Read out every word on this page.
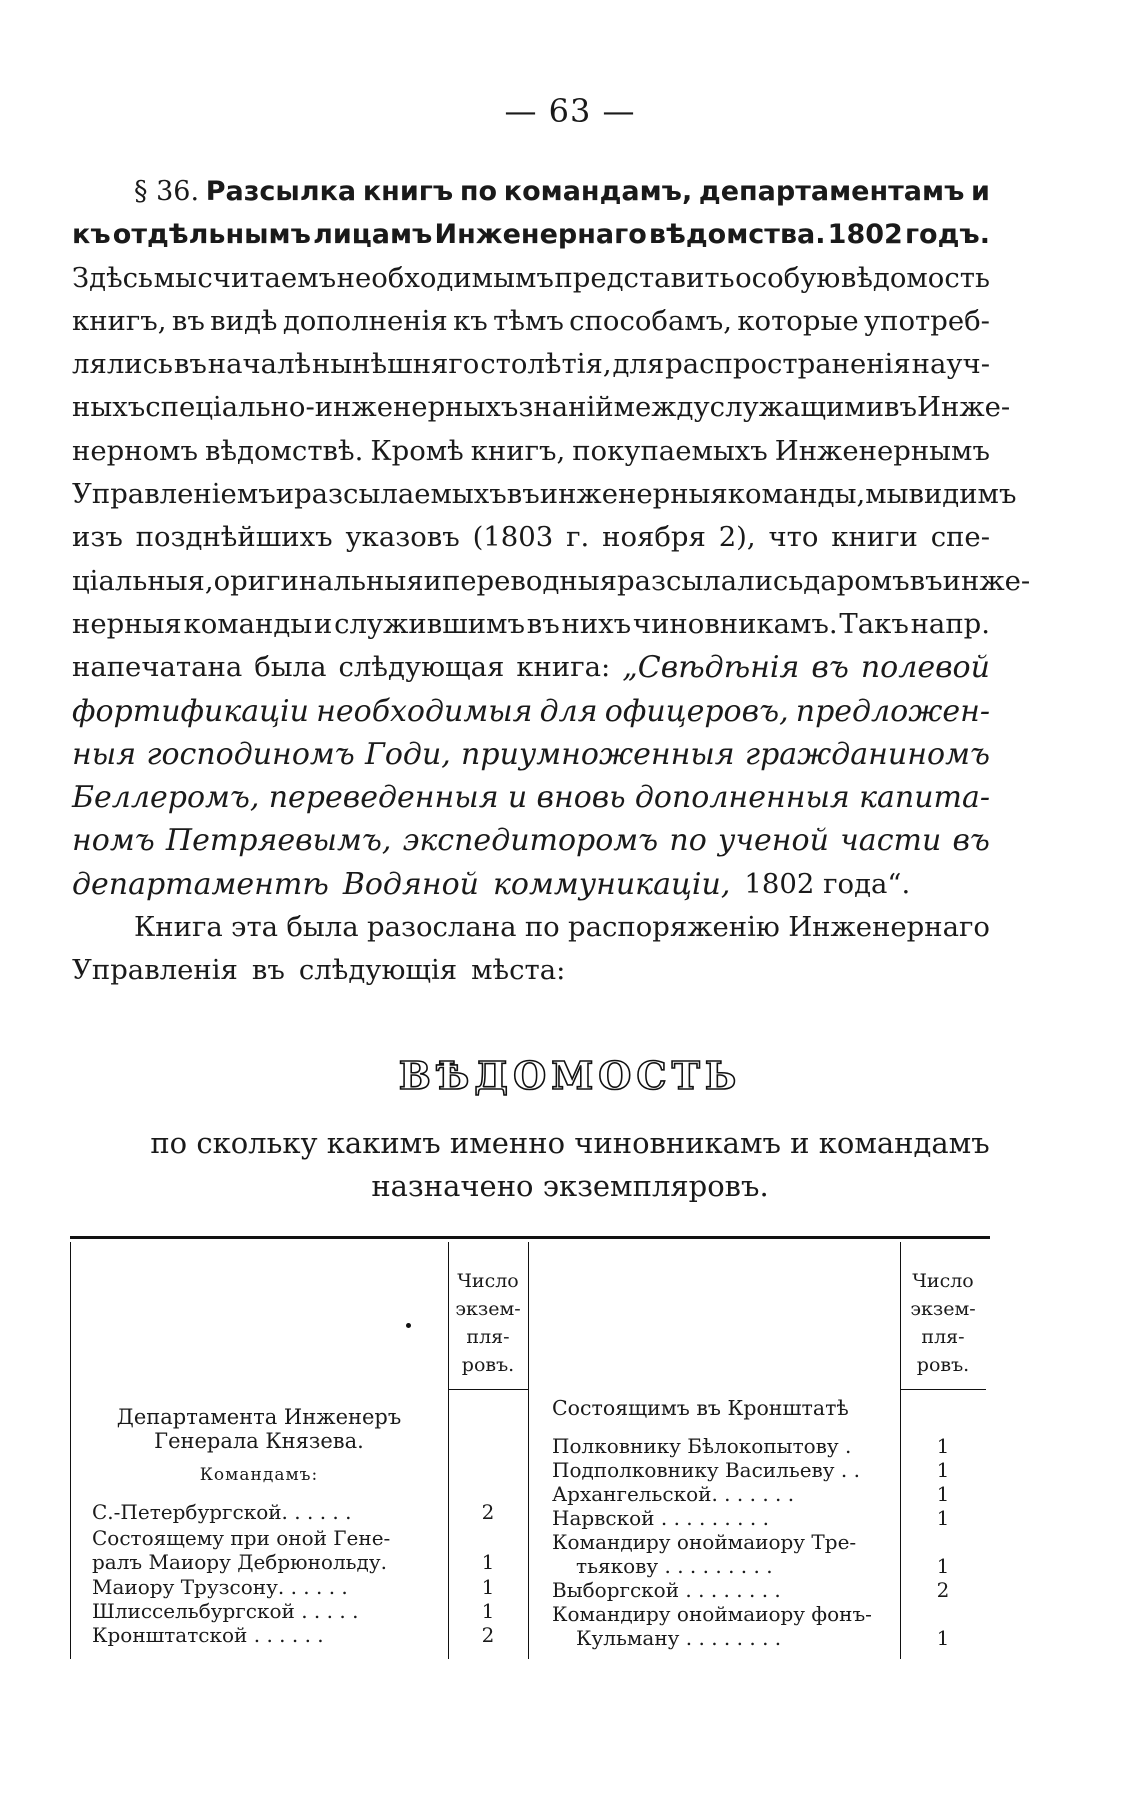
— 63 —
§ 36. Разсылка книгъ по командамъ, департаментамъ и
къ отдѣльнымъ лицамъ Инженернаго вѣдомства. 1802 годъ.
Здѣсь мы считаемъ необходимымъ представить особую вѣдомость
книгъ, въ видѣ дополненія къ тѣмъ способамъ, которые употреб-
лялись въ началѣ нынѣшняго столѣтія, для распространенія науч-
ныхъ спеціально-инженерныхъ знаній между служащими въ Инже-
нерномъ вѣдомствѣ. Кромѣ книгъ, покупаемыхъ Инженернымъ
Управленіемъ и разсылаемыхъ въ инженерныя команды, мы видимъ
изъ позднѣйшихъ указовъ (1803 г. ноября 2), что книги спе-
ціальныя, оригинальныя и переводныя разсылались даромъ въ инже-
нерныя команды и служившимъ въ нихъ чиновникамъ. Такъ напр.
напечатана была слѣдующая книга: „Свѣдѣнія въ полевой
фортификаціи необходимыя для офицеровъ, предложен-
ныя господиномъ Годи, приумноженныя гражданиномъ
Беллеромъ, переведенныя и вновь дополненныя капита-
номъ Петряевымъ, экспедиторомъ по ученой части въ
департаментѣ Водяной коммуникаціи, 1802 года“.
Книга эта была разослана по распоряженію Инженернаго
Управленія въ слѣдующія мѣста:
ВѢДОМОСТЬ
по скольку какимъ именно чиновникамъ и командамъ
назначено экземпляровъ.
Число
экзем-
пля-
ровъ.
Число
экзем-
пля-
ровъ.
Департамента Инженеръ
Генерала Князева.
Командамъ:
С.-Петербургской. . . . . .	2
Состоящему при оной Гене-
ралъ Маиору Дебрюнольду.	1
Маиору Трузсону. . . . . .	1
Шлиссельбургской . . . . .	1
Кронштатской . . . . . .	2
Состоящимъ въ Кронштатѣ
Полковнику Бѣлокопытову .	1
Подполковнику Васильеву . .	1
Архангельской. . . . . . .	1
Нарвской . . . . . . . . .	1
Командиру оноймаиору Тре-
тьякову . . . . . . . . .	1
Выборгской . . . . . . . .	2
Командиру оноймаиору фонъ-
Кульману . . . . . . . .	1
